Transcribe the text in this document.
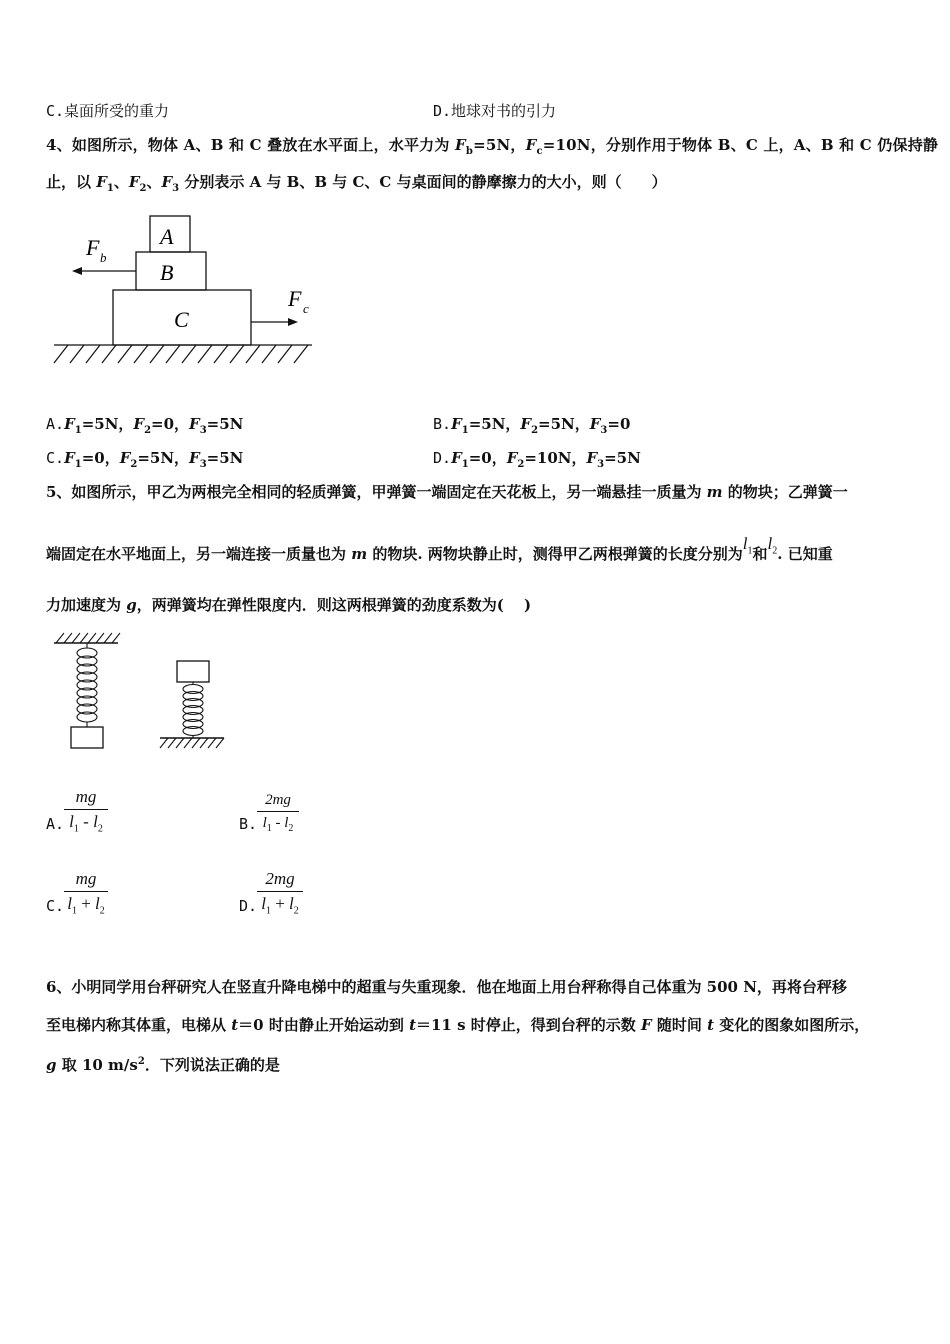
C.桌面所受的重力	D.地球对书的引力
4、如图所示，物体 A、B 和 C 叠放在水平面上，水平力为 $F_b=5N$，$F_c=10N$，分别作用于物体 B、C 上，A、B 和 C 仍保持静
止，以 $F_1$、$F_2$、$F_3$ 分别表示 A 与 B、B 与 C、C 与桌面间的静摩擦力的大小，则（　　）
A
B
C
F b
F c
$A.F_1=5N$，$F_2=0$，$F_3=5N$	$B.F_1=5N$，$F_2=5N$，$F_3=0$
$C.F_1=0$，$F_2=5N$，$F_3=5N$	$D.F_1=0$，$F_2=10N$，$F_3=5N$
5、如图所示，甲乙为两根完全相同的轻质弹簧，甲弹簧一端固定在天花板上，另一端悬挂一质量为 m 的物块；乙弹簧一
端固定在水平地面上，另一端连接一质量也为 m 的物块. 两物块静止时，测得甲乙两根弹簧的长度分别为$l_1$和$l_2$. 已知重
力加速度为 g，两弹簧均在弹性限度内．则这两根弹簧的劲度系数为(　 )
A.
mg
$l_1 - l_2$	B.
2mg
$l_1 - l_2$
C.
mg
$l_1 + l_2$	D.
2mg
$l_1 + l_2$
6、小明同学用台秤研究人在竖直升降电梯中的超重与失重现象．他在地面上用台秤称得自己体重为 500 N，再将台秤移
至电梯内称其体重，电梯从 t＝0 时由静止开始运动到 t＝11 s 时停止，得到台秤的示数 F 随时间 t 变化的图象如图所示，
g 取 10 $m/s^2$．下列说法正确的是
